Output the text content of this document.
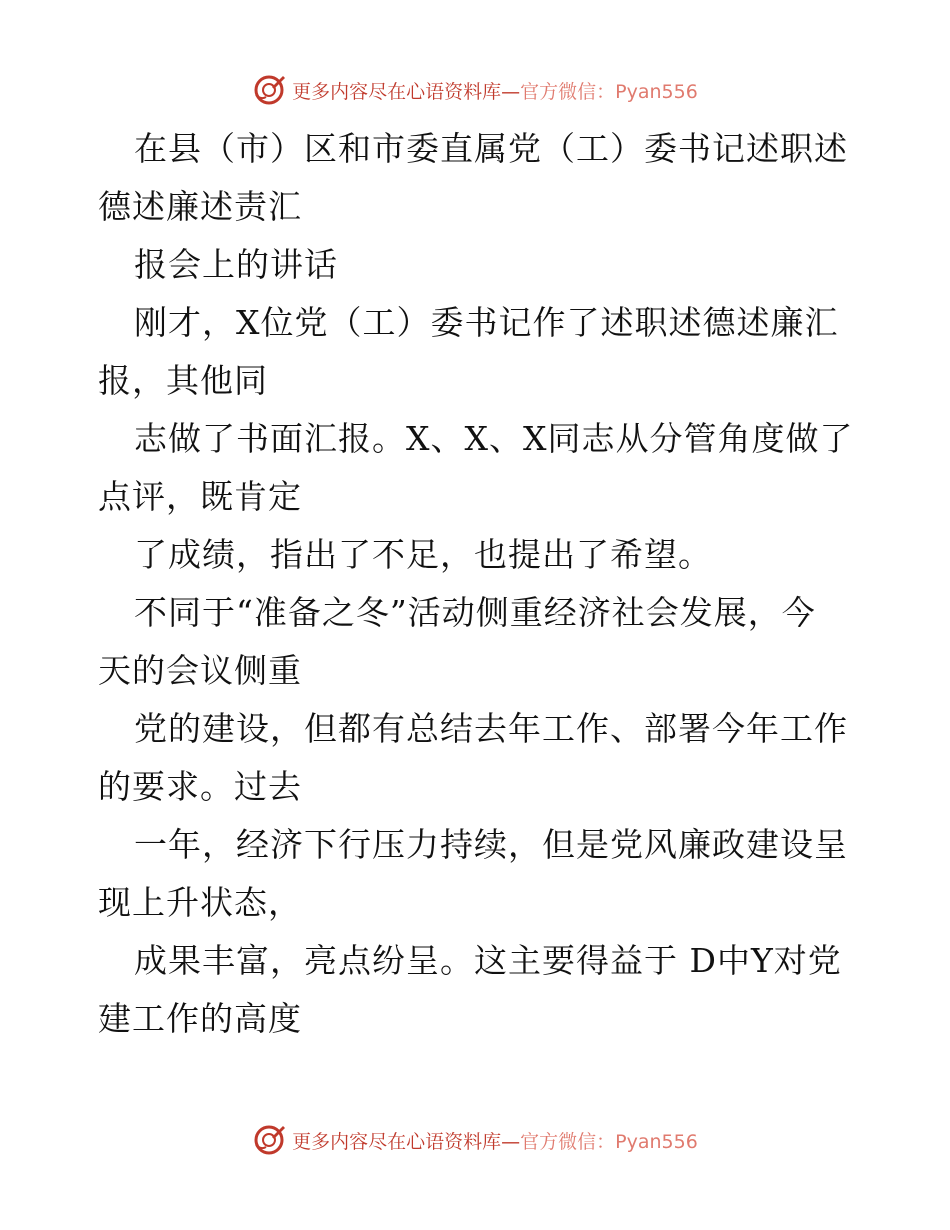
更多内容尽在心语资料库—官方微信：Pyan556
在县（市）区和市委直属党（工）委书记述职述
德述廉述责汇
报会上的讲话
刚才，X位党（工）委书记作了述职述德述廉汇
报，其他同
志做了书面汇报。X、X、X同志从分管角度做了
点评，既肯定
了成绩，指出了不足，也提出了希望。
不同于“准备之冬”活动侧重经济社会发展，今
天的会议侧重
党的建设，但都有总结去年工作、部署今年工作
的要求。过去
一年，经济下行压力持续，但是党风廉政建设呈
现上升状态，
成果丰富，亮点纷呈。这主要得益于 D中Y对党
建工作的高度
更多内容尽在心语资料库—官方微信：Pyan556
